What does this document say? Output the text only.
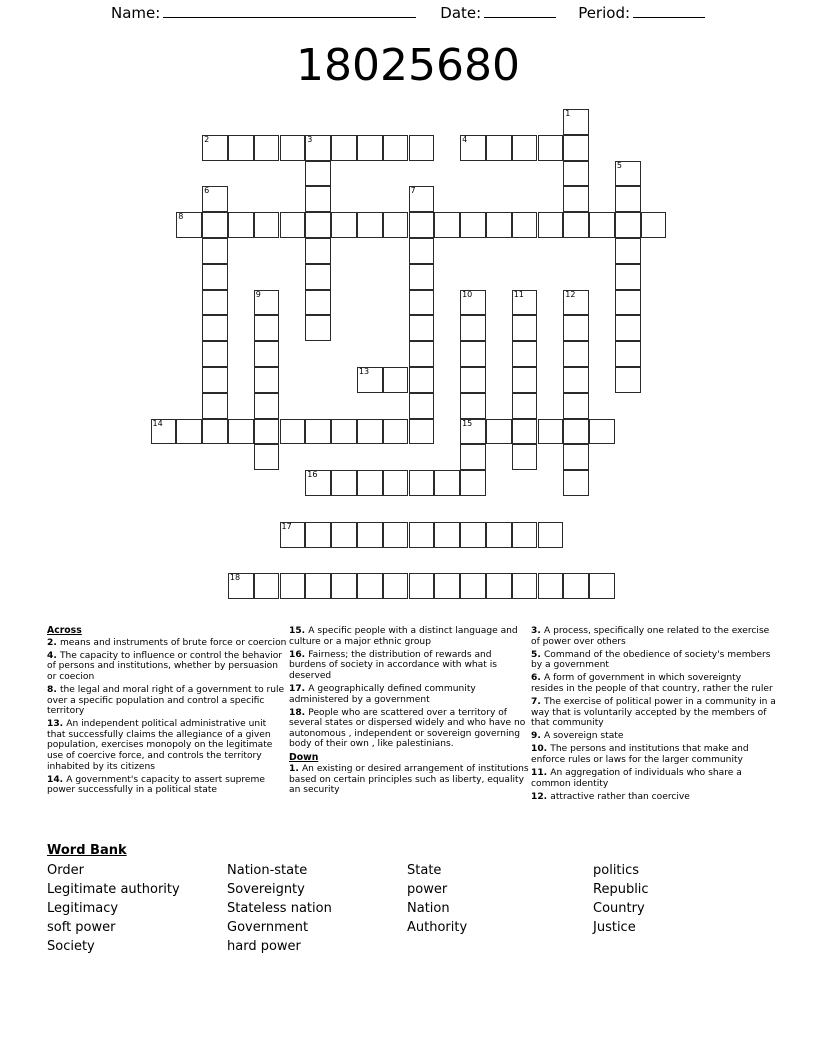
Name:	Date:	Period:
18025680
1
2	3	4
5
6	7
8
9	10
15
11	12
13
14
16
17
18
Across
2. means and instruments of brute force or coercion
4. The capacity to influence or control the behavior of persons and institutions, whether by persuasion or coecion
8. the legal and moral right of a government to rule over a specific population and control a specific territory
13. An independent political administrative unit that successfully claims the allegiance of a given population, exercises monopoly on the legitimate use of coercive force, and controls the territory inhabited by its citizens
14. A government's capacity to assert supreme power successfully in a political state
15. A specific people with a distinct language and culture or a major ethnic group
16. Fairness; the distribution of rewards and burdens of society in accordance with what is deserved
17. A geographically defined community administered by a government
18. People who are scattered over a territory of several states or dispersed widely and who have no autonomous , independent or sovereign governing body of their own , like palestinians.
Down
1. An existing or desired arrangement of institutions based on certain principles such as liberty, equality an security
3. A process, specifically one related to the exercise of power over others
5. Command of the obedience of society's members by a government
6. A form of government in which sovereignty resides in the people of that country, rather the ruler
7. The exercise of political power in a community in a way that is voluntarily accepted by the members of that community
9. A sovereign state
10. The persons and institutions that make and enforce rules or laws for the larger community
11. An aggregation of individuals who share a common identity
12. attractive rather than coercive
Word Bank
Order
Legitimate authority
Legitimacy
soft power
Society
Nation-state
Sovereignty
Stateless nation
Government
hard power
State
power
Nation
Authority
politics
Republic
Country
Justice
